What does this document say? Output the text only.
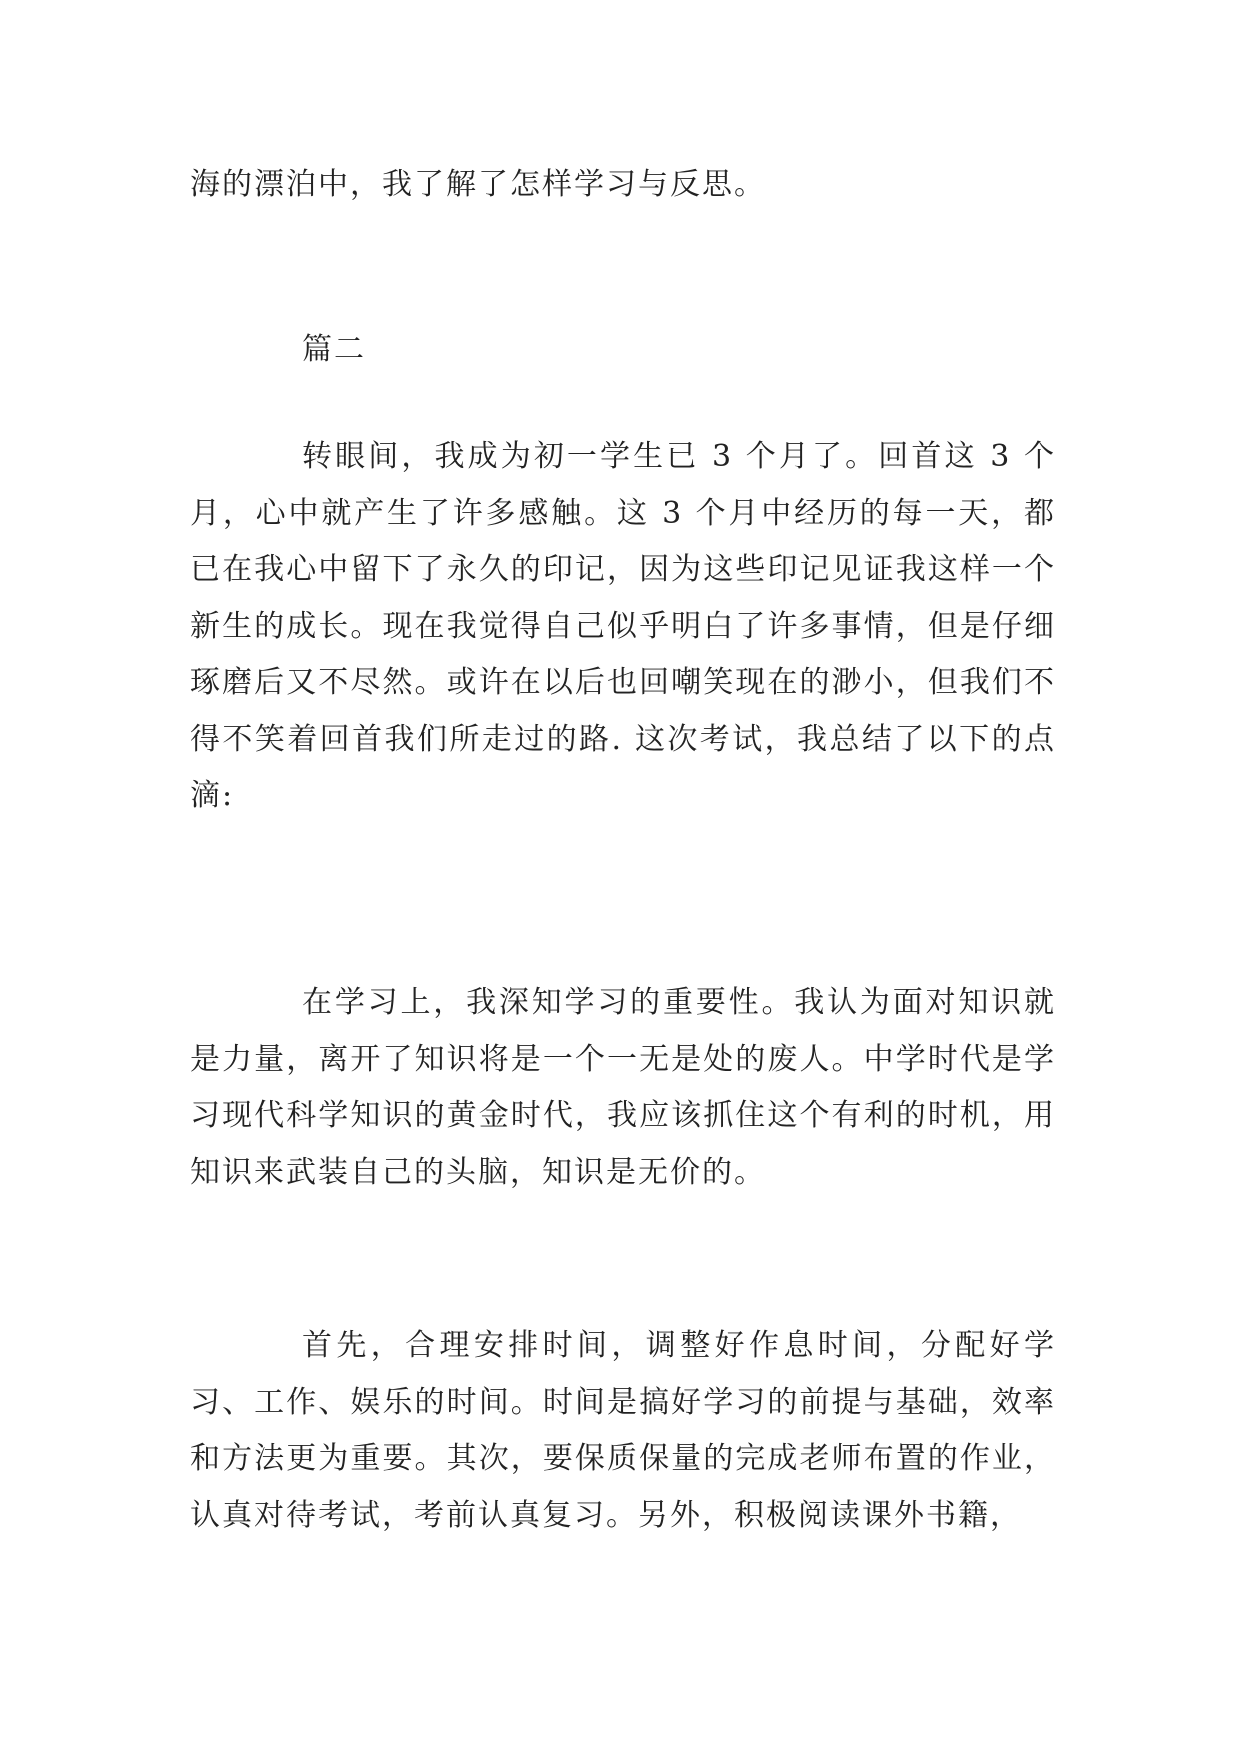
海的漂泊中，我了解了怎样学习与反思。

篇二

转眼间，我成为初一学生已 3 个月了。回首这 3 个月，心中就产生了许多感触。这 3 个月中经历的每一天，都已在我心中留下了永久的印记，因为这些印记见证我这样一个新生的成长。现在我觉得自己似乎明白了许多事情，但是仔细琢磨后又不尽然。或许在以后也回嘲笑现在的渺小，但我们不得不笑着回首我们所走过的路. 这次考试，我总结了以下的点滴:

在学习上，我深知学习的重要性。我认为面对知识就是力量，离开了知识将是一个一无是处的废人。中学时代是学习现代科学知识的黄金时代，我应该抓住这个有利的时机，用知识来武装自己的头脑，知识是无价的。

首先，合理安排时间，调整好作息时间，分配好学习、工作、娱乐的时间。时间是搞好学习的前提与基础，效率和方法更为重要。其次，要保质保量的完成老师布置的作业，认真对待考试，考前认真复习。另外，积极阅读课外书籍，
